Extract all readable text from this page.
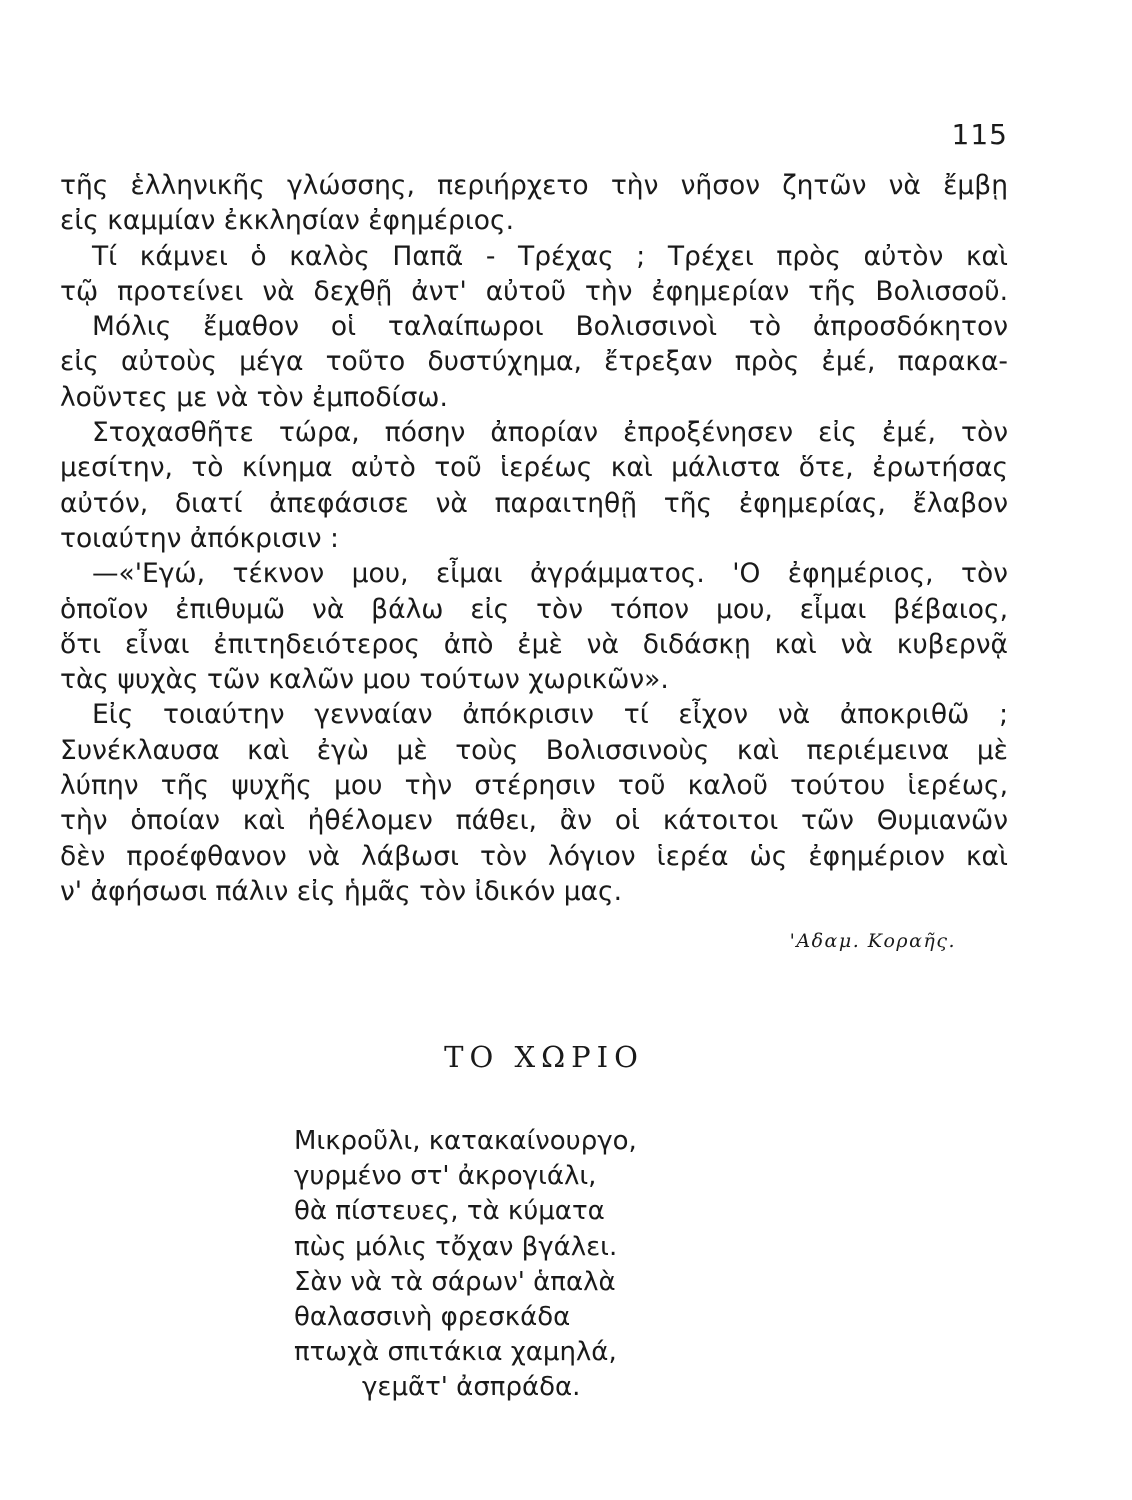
115
τῆς ἑλληνικῆς γλώσσης, περιήρχετο τὴν νῆσον ζητῶν νὰ ἔμβῃ
εἰς καμμίαν ἐκκλησίαν ἐφημέριος.
Τί κάμνει ὁ καλὸς Παπᾶ - Τρέχας ; Τρέχει πρὸς αὐτὸν καὶ
τῷ προτείνει νὰ δεχθῇ ἀντ' αὐτοῦ τὴν ἐφημερίαν τῆς Βολισσοῦ.
Μόλις ἔμαθον οἱ ταλαίπωροι Βολισσινοὶ τὸ ἀπροσδόκητον
εἰς αὐτοὺς μέγα τοῦτο δυστύχημα, ἔτρεξαν πρὸς ἐμέ, παρακα-
λοῦντες με νὰ τὸν ἐμποδίσω.
Στοχασθῆτε τώρα, πόσην ἀπορίαν ἐπροξένησεν εἰς ἐμέ, τὸν
μεσίτην, τὸ κίνημα αὐτὸ τοῦ ἱερέως καὶ μάλιστα ὅτε, ἐρωτήσας
αὐτόν, διατί ἀπεφάσισε νὰ παραιτηθῇ τῆς ἐφημερίας, ἔλαβον
τοιαύτην ἀπόκρισιν :
—«'Εγώ, τέκνον μου, εἶμαι ἀγράμματος. 'Ο ἐφημέριος, τὸν
ὁποῖον ἐπιθυμῶ νὰ βάλω εἰς τὸν τόπον μου, εἶμαι βέβαιος,
ὅτι εἶναι ἐπιτηδειότερος ἀπὸ ἐμὲ νὰ διδάσκῃ καὶ νὰ κυβερνᾷ
τὰς ψυχὰς τῶν καλῶν μου τούτων χωρικῶν».
Εἰς τοιαύτην γενναίαν ἀπόκρισιν τί εἶχον νὰ ἀποκριθῶ ;
Συνέκλαυσα καὶ ἐγὼ μὲ τοὺς Βολισσινοὺς καὶ περιέμεινα μὲ
λύπην τῆς ψυχῆς μου τὴν στέρησιν τοῦ καλοῦ τούτου ἱερέως,
τὴν ὁποίαν καὶ ἠθέλομεν πάθει, ἂν οἱ κάτοιτοι τῶν Θυμιανῶν
δὲν προέφθανον νὰ λάβωσι τὸν λόγιον ἱερέα ὡς ἐφημέριον καὶ
ν' ἀφήσωσι πάλιν εἰς ἡμᾶς τὸν ἰδικόν μας.
'Αδαμ. Κοραῆς.
ΤΟ ΧΩΡΙΟ
Μικροῦλι, κατακαίνουργο,
γυρμένο στ' ἀκρογιάλι,
θὰ πίστευες, τὰ κύματα
πὼς μόλις τὄχαν βγάλει.
Σὰν νὰ τὰ σάρων' ἁπαλὰ
θαλασσινὴ φρεσκάδα
πτωχὰ σπιτάκια χαμηλά,
γεμᾶτ' ἀσπράδα.
